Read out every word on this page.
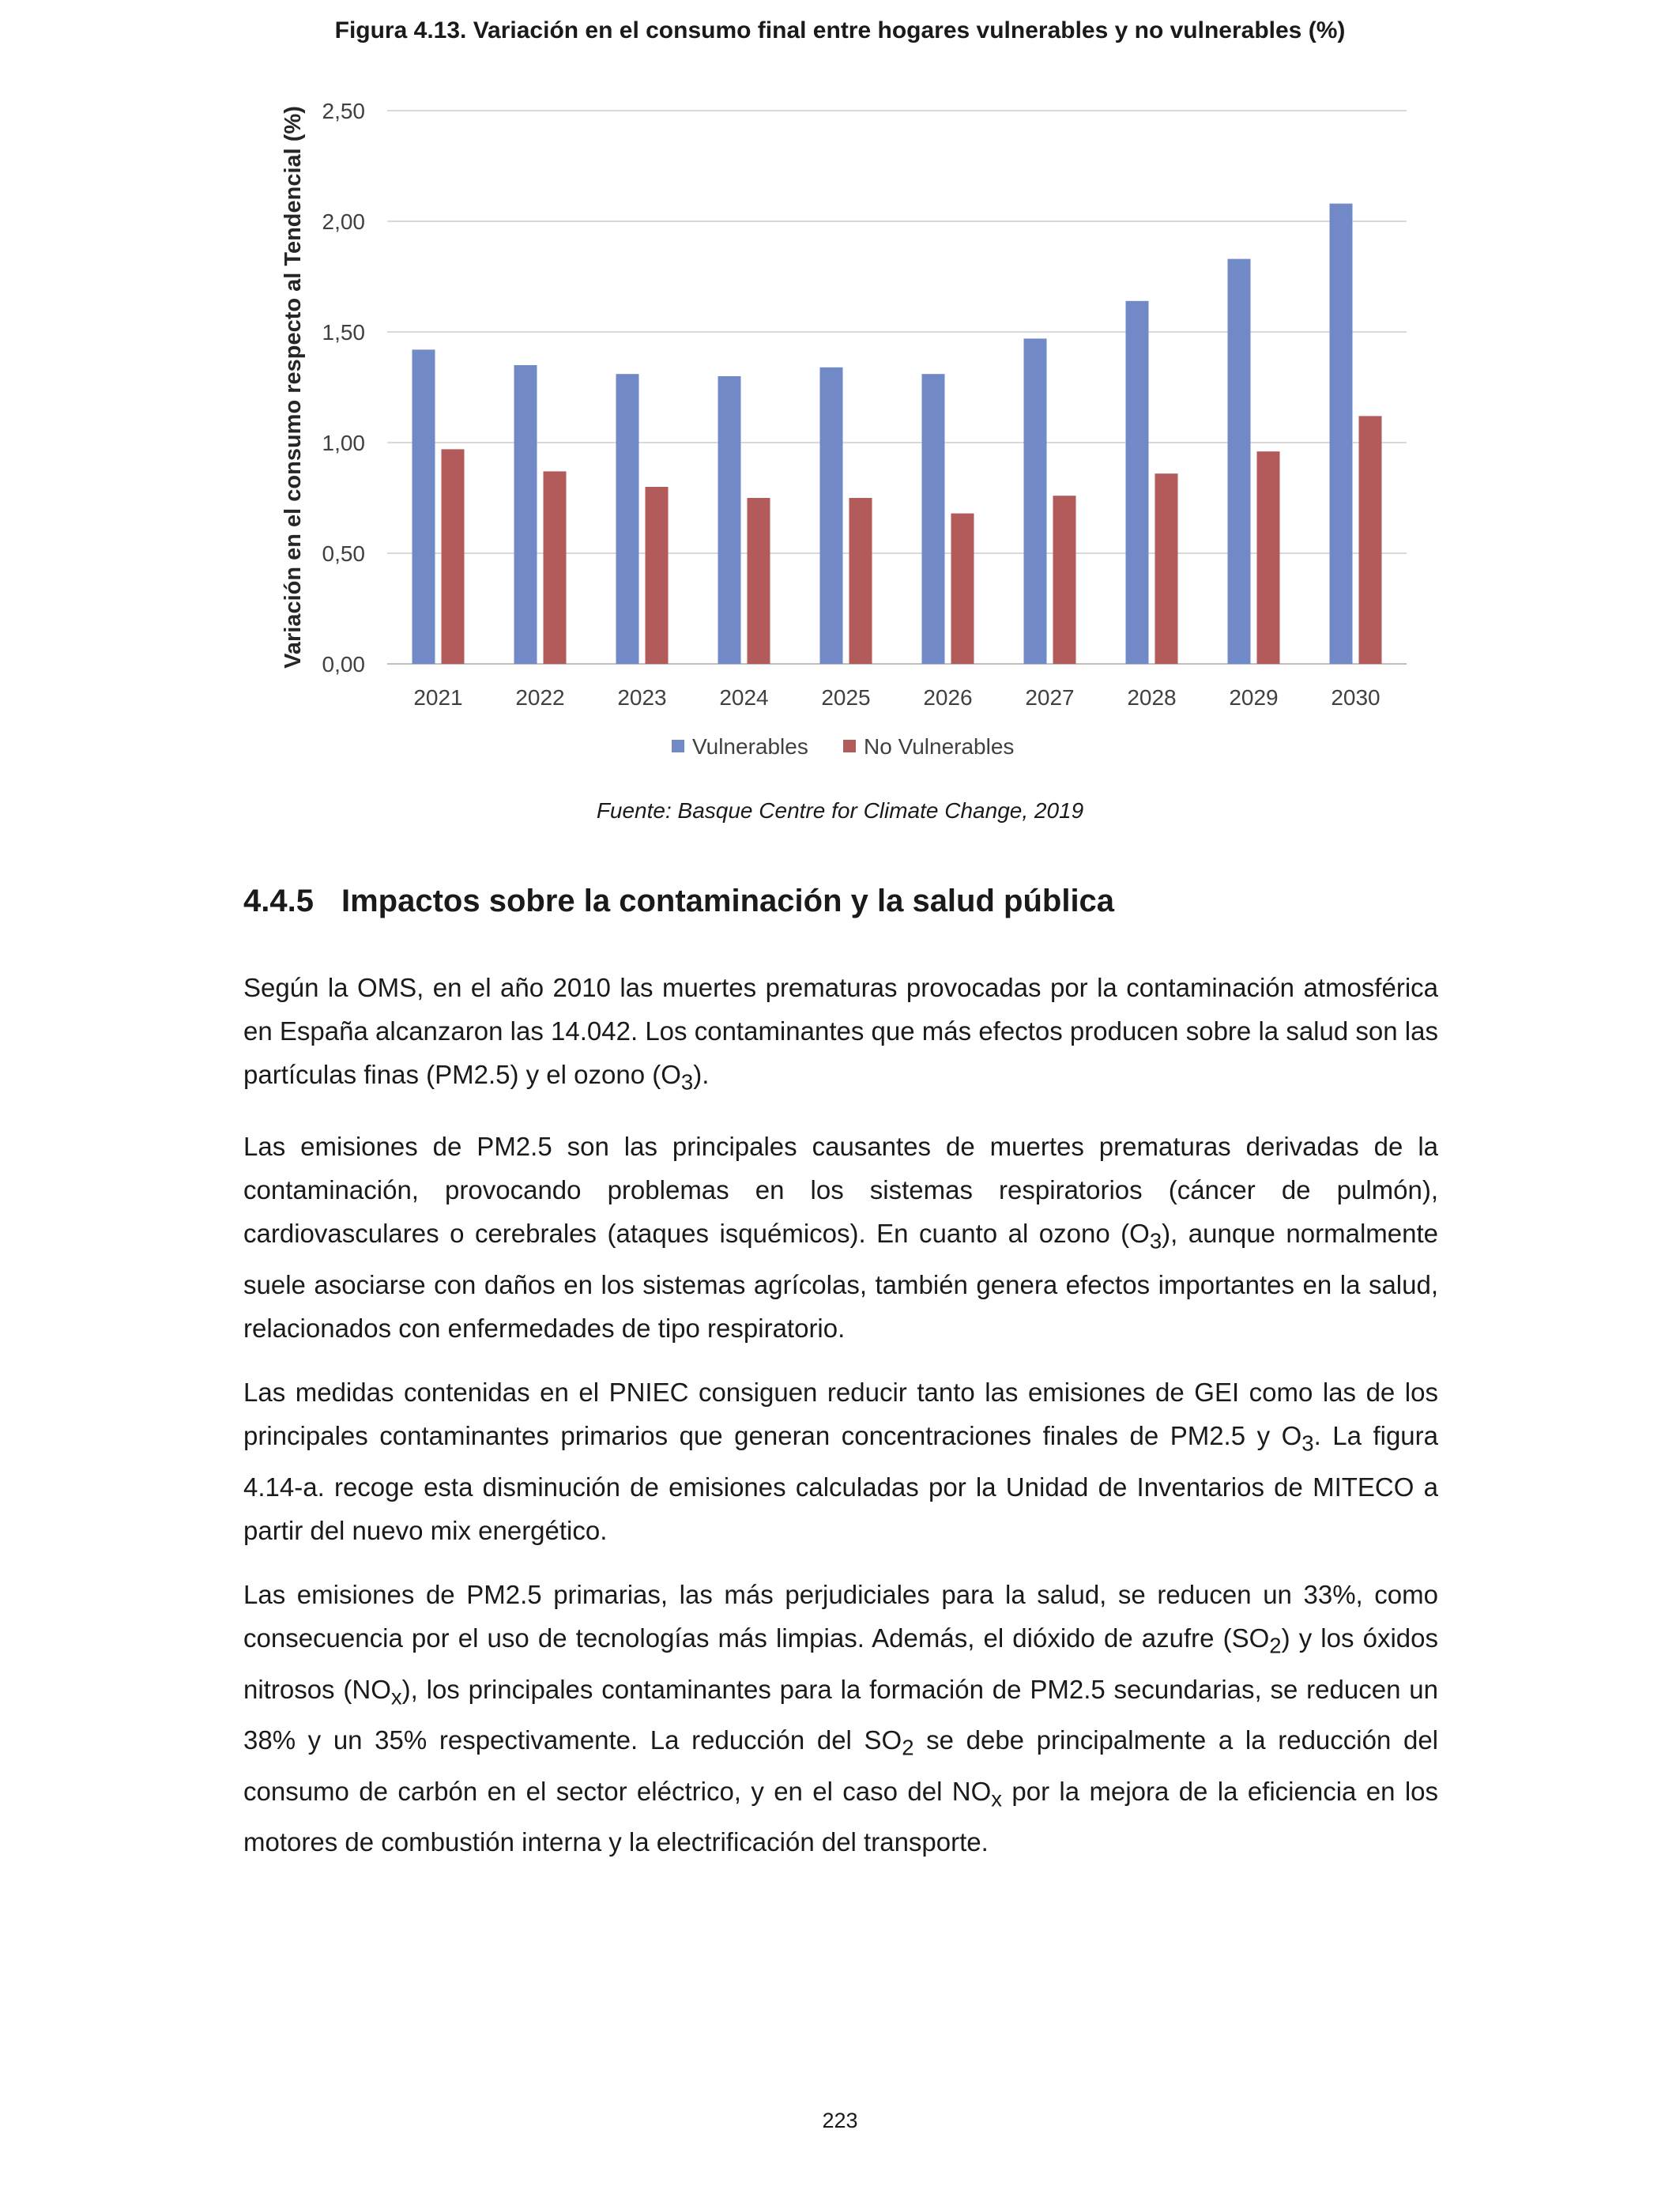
Figura 4.13. Variación en el consumo final entre hogares vulnerables y no vulnerables (%)
0,00
0,50
1,00
1,50
2,00
2,50
Variación en el consumo respecto al Tendencial (%)
2021 2022 2023 2024 2025 2026 2027 2028 2029 2030
Vulnerables	No Vulnerables
Fuente: Basque Centre for Climate Change, 2019
4.4.5 Impactos sobre la contaminación y la salud pública

Según la OMS, en el año 2010 las muertes prematuras provocadas por la contaminación atmosférica en España alcanzaron las 14.042. Los contaminantes que más efectos producen sobre la salud son las partículas finas (PM2.5) y el ozono $(O_3)$.

Las emisiones de PM2.5 son las principales causantes de muertes prematuras derivadas de la contaminación, provocando problemas en los sistemas respiratorios (cáncer de pulmón), cardiovasculares o cerebrales (ataques isquémicos). En cuanto al ozono $(O_3)$, aunque normalmente suele asociarse con daños en los sistemas agrícolas, también genera efectos importantes en la salud, relacionados con enfermedades de tipo respiratorio.

Las medidas contenidas en el PNIEC consiguen reducir tanto las emisiones de GEI como las de los principales contaminantes primarios que generan concentraciones finales de PM2.5 y $O_3$. La figura 4.14-a. recoge esta disminución de emisiones calculadas por la Unidad de Inventarios de MITECO a partir del nuevo mix energético.

Las emisiones de PM2.5 primarias, las más perjudiciales para la salud, se reducen un 33%, como consecuencia por el uso de tecnologías más limpias. Además, el dióxido de azufre $(SO_2)$ y los óxidos nitrosos $(NO_x)$, los principales contaminantes para la formación de PM2.5 secundarias, se reducen un 38% y un 35% respectivamente. La reducción del $SO_2$ se debe principalmente a la reducción del consumo de carbón en el sector eléctrico, y en el caso del $NO_x$ por la mejora de la eficiencia en los motores de combustión interna y la electrificación del transporte.

223
